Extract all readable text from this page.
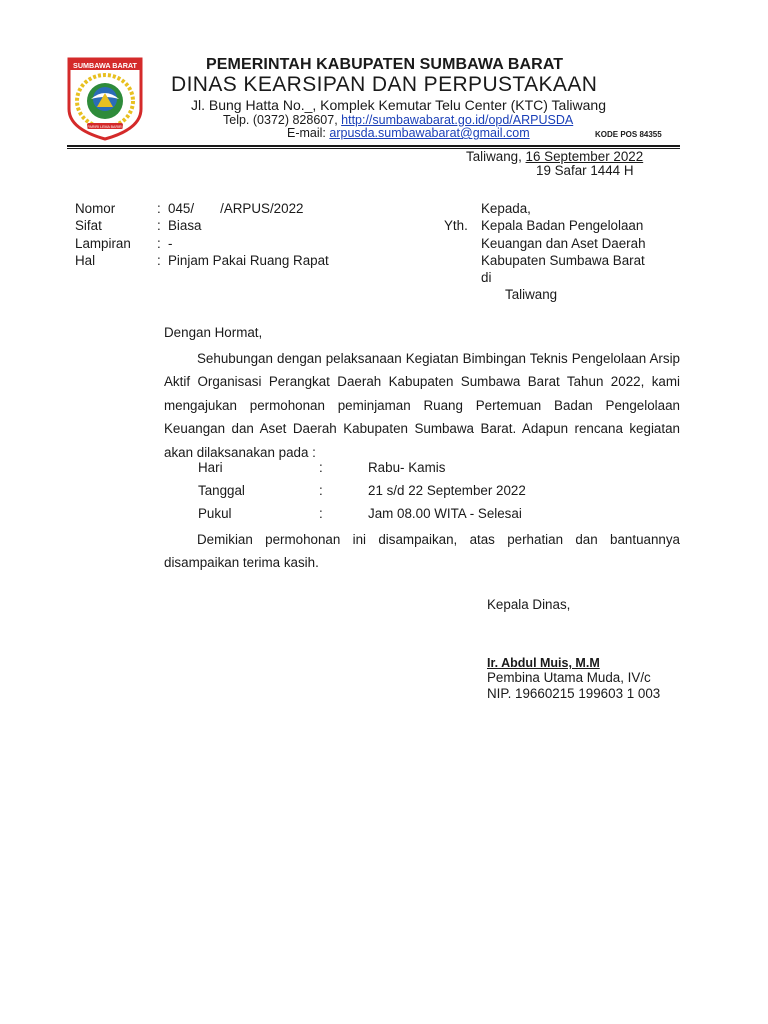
SUMBAWA BARAT
PARIRI LEMA BARIRI
PEMERINTAH KABUPATEN SUMBAWA BARAT
DINAS KEARSIPAN DAN PERPUSTAKAAN
Jl. Bung Hatta No._, Komplek Kemutar Telu Center (KTC) Taliwang
Telp. (0372) 828607, http://sumbawabarat.go.id/opd/ARPUSDA
E-mail: arpusda.sumbawabarat@gmail.com	KODE POS 84355
Taliwang, 16 September 2022
19 Safar 1444 H
Nomor	: 045/       /ARPUS/2022
Sifat	: Biasa
Lampiran : -
Hal	: Pinjam Pakai Ruang Rapat
Kepada,
Yth. Kepala Badan Pengelolaan
Keuangan dan Aset Daerah
Kabupaten Sumbawa Barat
di
Taliwang
Dengan Hormat,
Sehubungan dengan pelaksanaan Kegiatan Bimbingan Teknis Pengelolaan Arsip Aktif Organisasi Perangkat Daerah Kabupaten Sumbawa Barat Tahun 2022, kami mengajukan permohonan peminjaman Ruang Pertemuan Badan Pengelolaan Keuangan dan Aset Daerah Kabupaten Sumbawa Barat. Adapun rencana kegiatan akan dilaksanakan pada :
Hari	:	Rabu- Kamis
Tanggal	:	21 s/d 22 September 2022
Pukul	:	Jam 08.00 WITA - Selesai
Demikian permohonan ini disampaikan, atas perhatian dan bantuannya disampaikan terima kasih.
Kepala Dinas,
Ir. Abdul Muis, M.M
Pembina Utama Muda, IV/c
NIP. 19660215 199603 1 003
